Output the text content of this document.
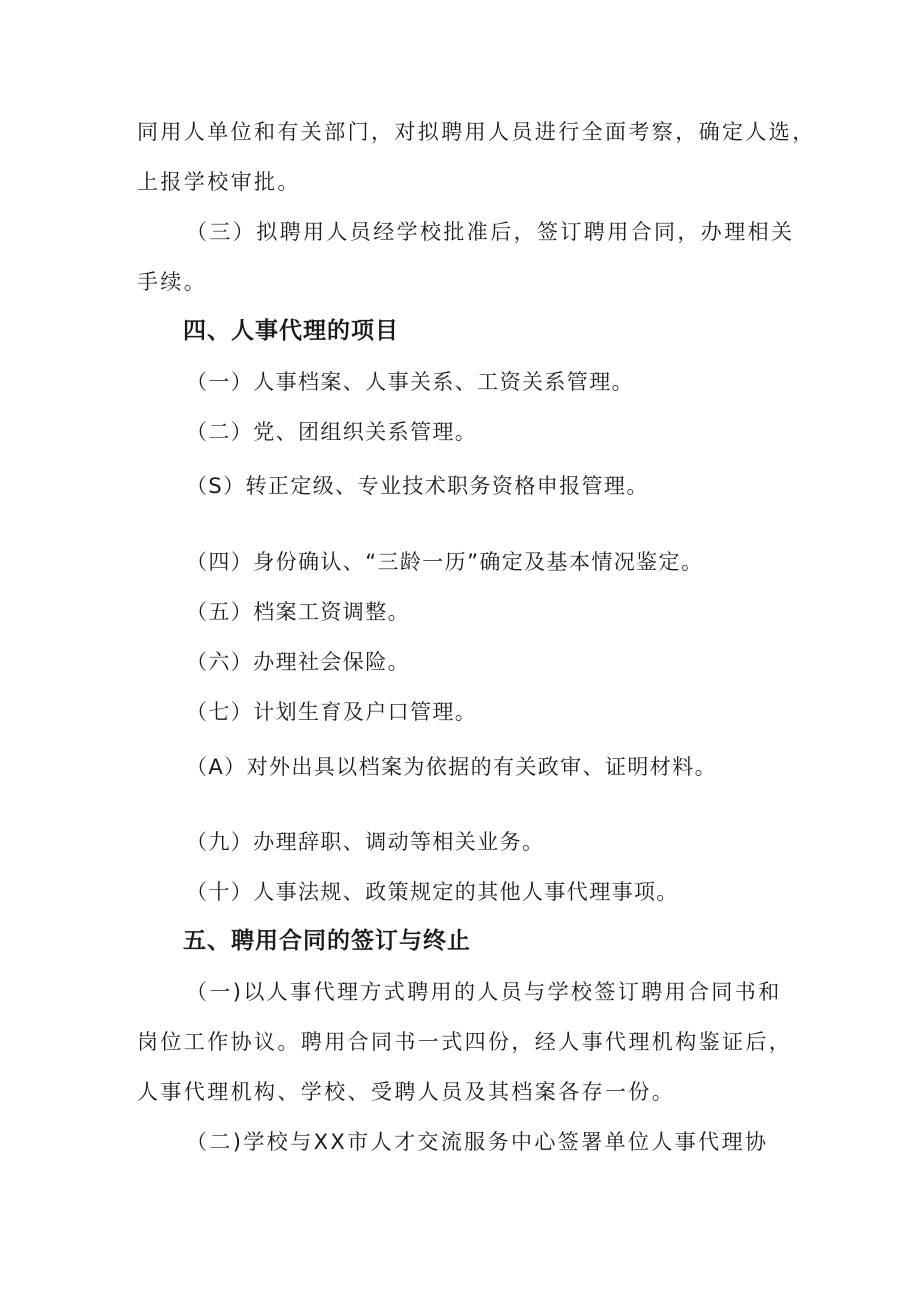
同用人单位和有关部门，对拟聘用人员进行全面考察，确定人选，
上报学校审批。
（三）拟聘用人员经学校批准后，签订聘用合同，办理相关
手续。
四、人事代理的项目
（一）人事档案、人事关系、工资关系管理。
（二）党、团组织关系管理。
（S）转正定级、专业技术职务资格申报管理。
（四）身份确认、“三龄一历”确定及基本情况鉴定。
（五）档案工资调整。
（六）办理社会保险。
（七）计划生育及户口管理。
（A）对外出具以档案为依据的有关政审、证明材料。
（九）办理辞职、调动等相关业务。
（十）人事法规、政策规定的其他人事代理事项。
五、聘用合同的签订与终止
（一)以人事代理方式聘用的人员与学校签订聘用合同书和
岗位工作协议。聘用合同书一式四份，经人事代理机构鉴证后，
人事代理机构、学校、受聘人员及其档案各存一份。
（二)学校与XX市人才交流服务中心签署单位人事代理协
